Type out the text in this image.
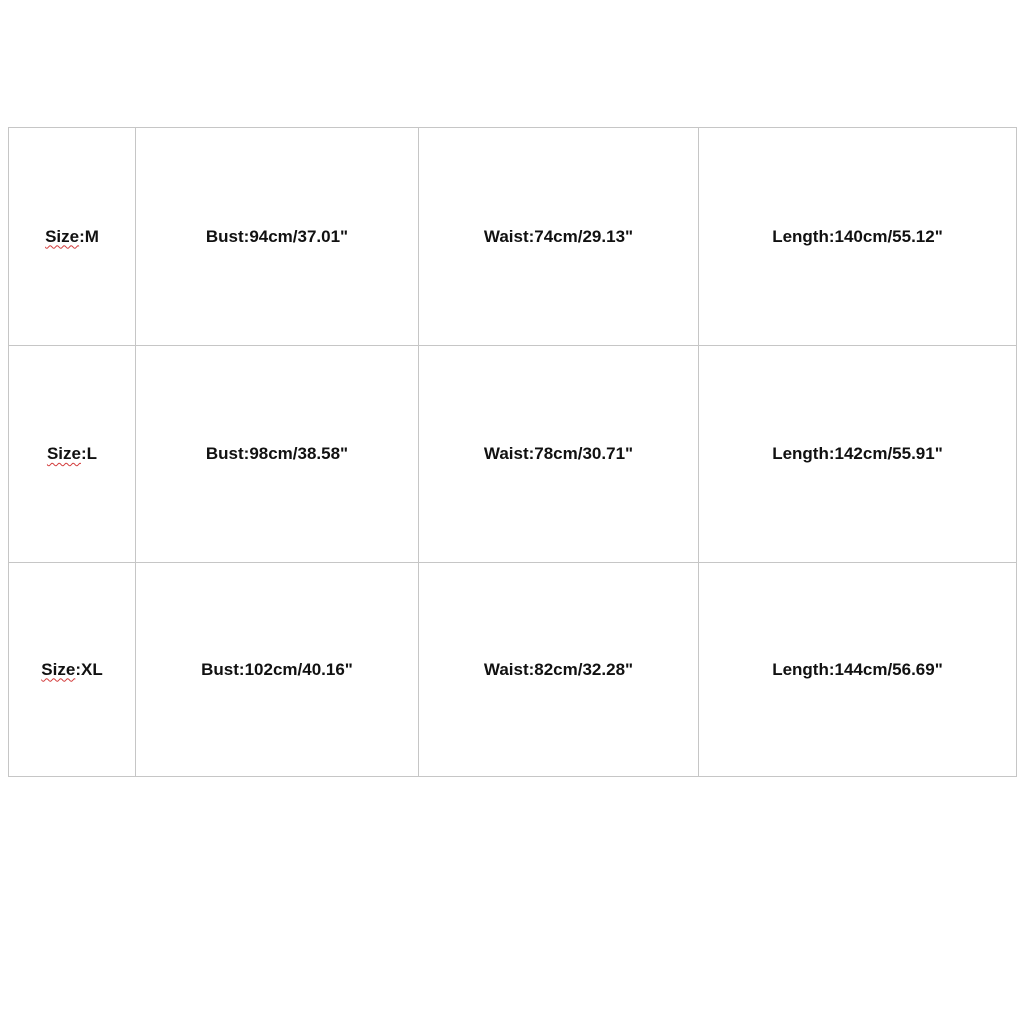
Size:M	Bust:94cm/37.01"	Waist:74cm/29.13"	Length:140cm/55.12"
Size:L	Bust:98cm/38.58"	Waist:78cm/30.71"	Length:142cm/55.91"
Size:XL	Bust:102cm/40.16"	Waist:82cm/32.28"	Length:144cm/56.69"
